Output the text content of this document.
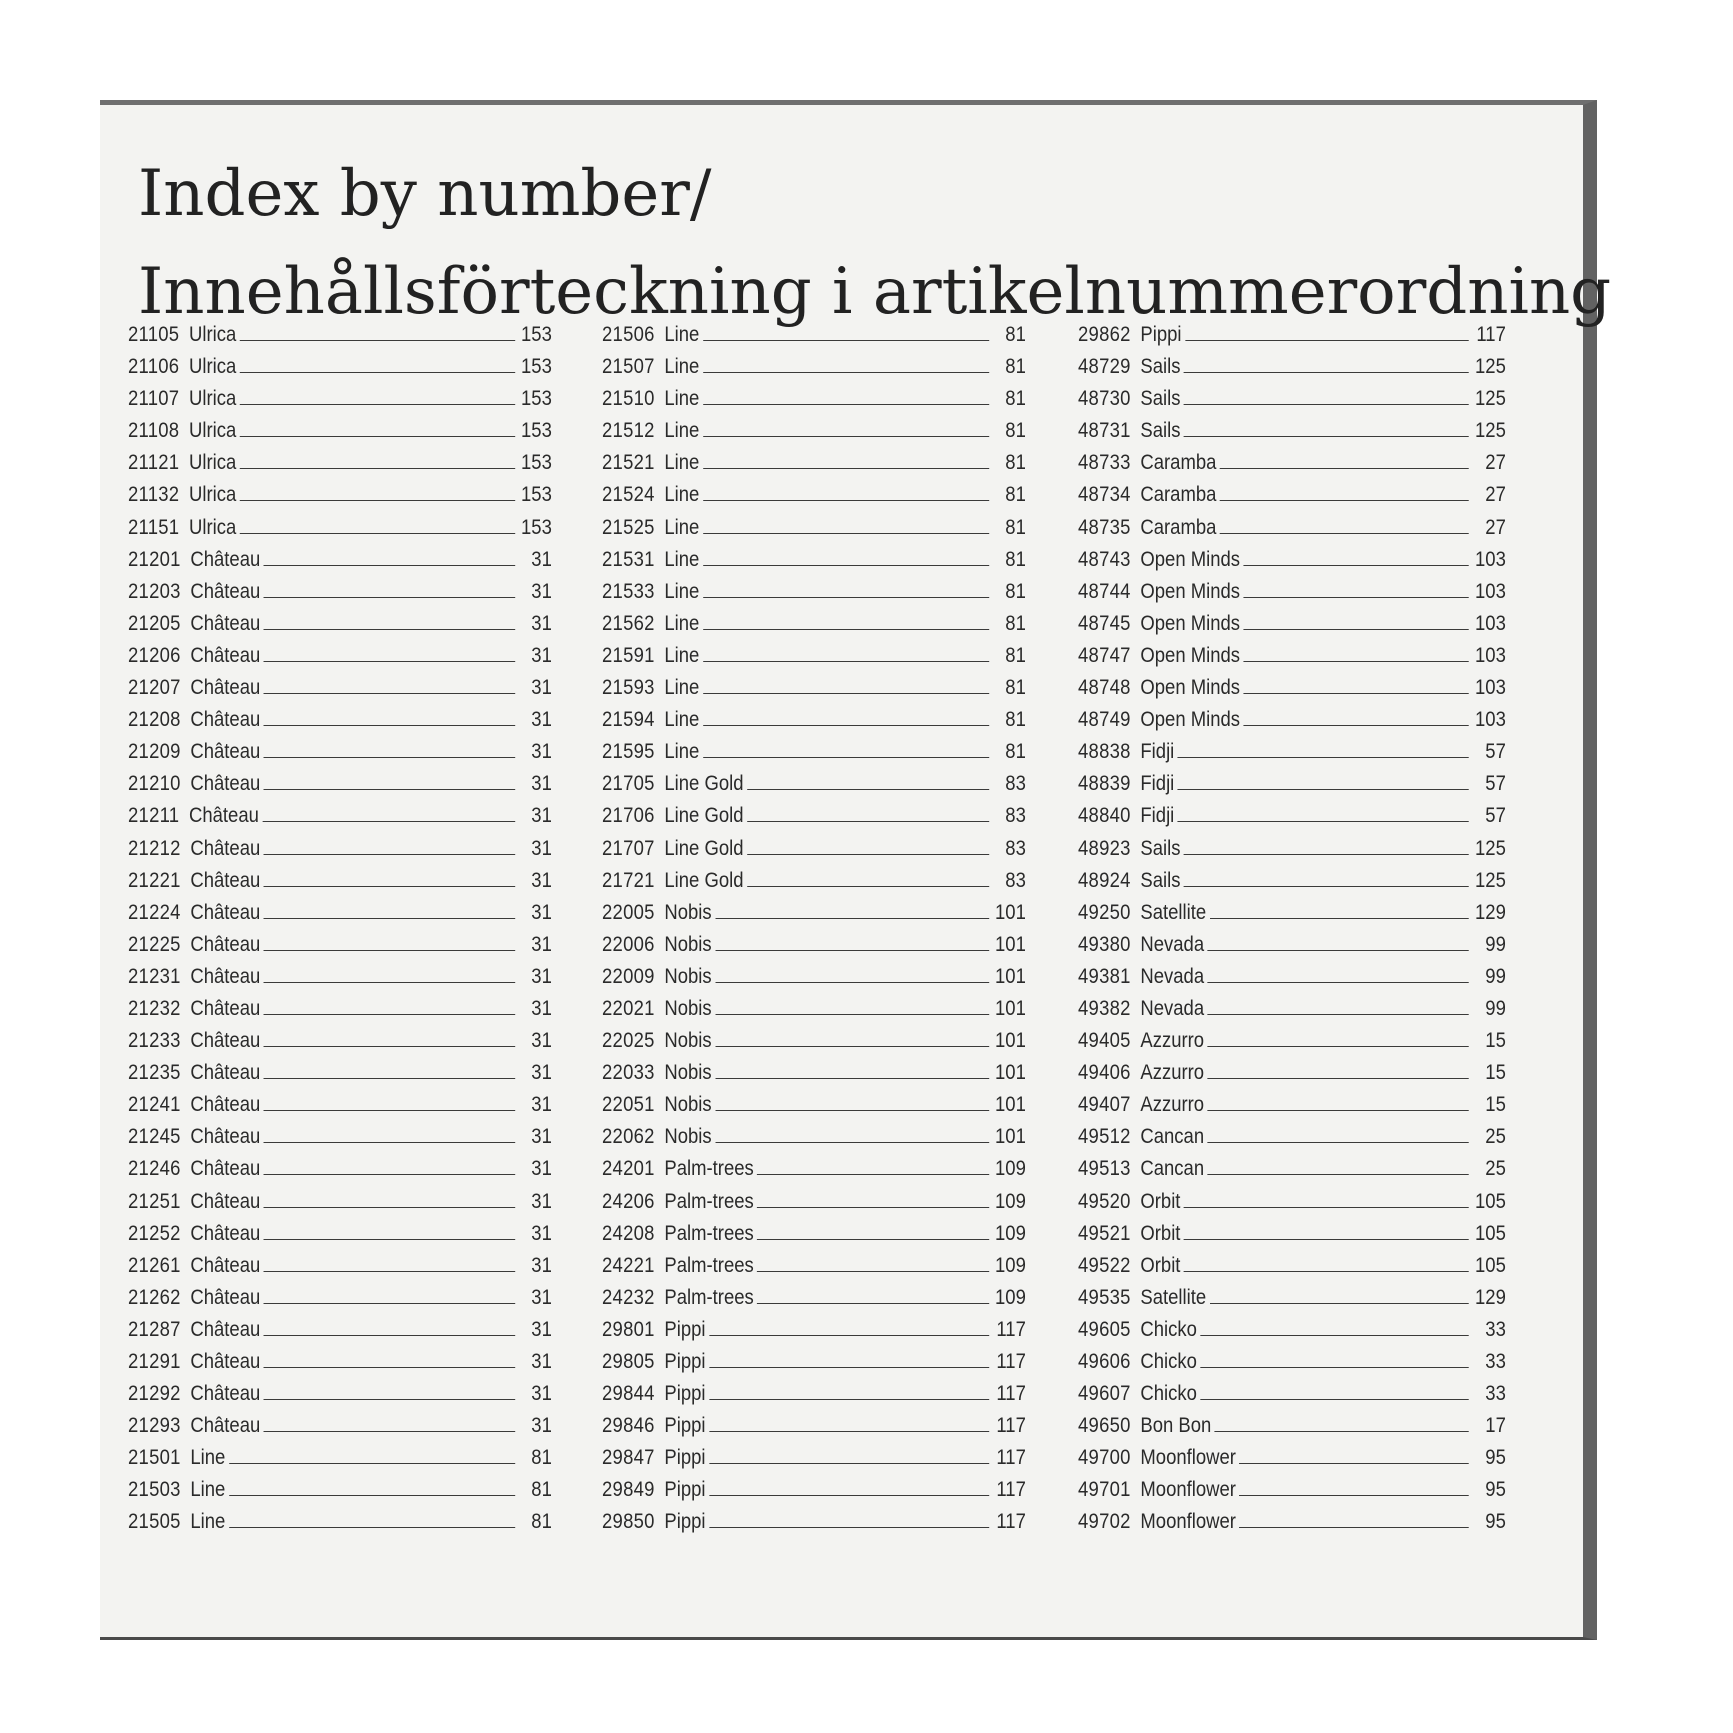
Index by number/
Innehållsförteckning i artikelnummerordning
21105 Ulrica	153
21106 Ulrica	153
21107 Ulrica	153
21108 Ulrica	153
21121 Ulrica	153
21132 Ulrica	153
21151 Ulrica	153
21201 Château	31
21203 Château	31
21205 Château	31
21206 Château	31
21207 Château	31
21208 Château	31
21209 Château	31
21210 Château	31
21211 Château	31
21212 Château	31
21221 Château	31
21224 Château	31
21225 Château	31
21231 Château	31
21232 Château	31
21233 Château	31
21235 Château	31
21241 Château	31
21245 Château	31
21246 Château	31
21251 Château	31
21252 Château	31
21261 Château	31
21262 Château	31
21287 Château	31
21291 Château	31
21292 Château	31
21293 Château	31
21501 Line	81
21503 Line	81
21505 Line	81
21506 Line	81
21507 Line	81
21510 Line	81
21512 Line	81
21521 Line	81
21524 Line	81
21525 Line	81
21531 Line	81
21533 Line	81
21562 Line	81
21591 Line	81
21593 Line	81
21594 Line	81
21595 Line	81
21705 Line Gold	83
21706 Line Gold	83
21707 Line Gold	83
21721 Line Gold	83
22005 Nobis	101
22006 Nobis	101
22009 Nobis	101
22021 Nobis	101
22025 Nobis	101
22033 Nobis	101
22051 Nobis	101
22062 Nobis	101
24201 Palm-trees	109
24206 Palm-trees	109
24208 Palm-trees	109
24221 Palm-trees	109
24232 Palm-trees	109
29801 Pippi	117
29805 Pippi	117
29844 Pippi	117
29846 Pippi	117
29847 Pippi	117
29849 Pippi	117
29850 Pippi	117
29862 Pippi	117
48729 Sails	125
48730 Sails	125
48731 Sails	125
48733 Caramba	27
48734 Caramba	27
48735 Caramba	27
48743 Open Minds	103
48744 Open Minds	103
48745 Open Minds	103
48747 Open Minds	103
48748 Open Minds	103
48749 Open Minds	103
48838 Fidji	57
48839 Fidji	57
48840 Fidji	57
48923 Sails	125
48924 Sails	125
49250 Satellite	129
49380 Nevada	99
49381 Nevada	99
49382 Nevada	99
49405 Azzurro	15
49406 Azzurro	15
49407 Azzurro	15
49512 Cancan	25
49513 Cancan	25
49520 Orbit	105
49521 Orbit	105
49522 Orbit	105
49535 Satellite	129
49605 Chicko	33
49606 Chicko	33
49607 Chicko	33
49650 Bon Bon	17
49700 Moonflower	95
49701 Moonflower	95
49702 Moonflower	95
